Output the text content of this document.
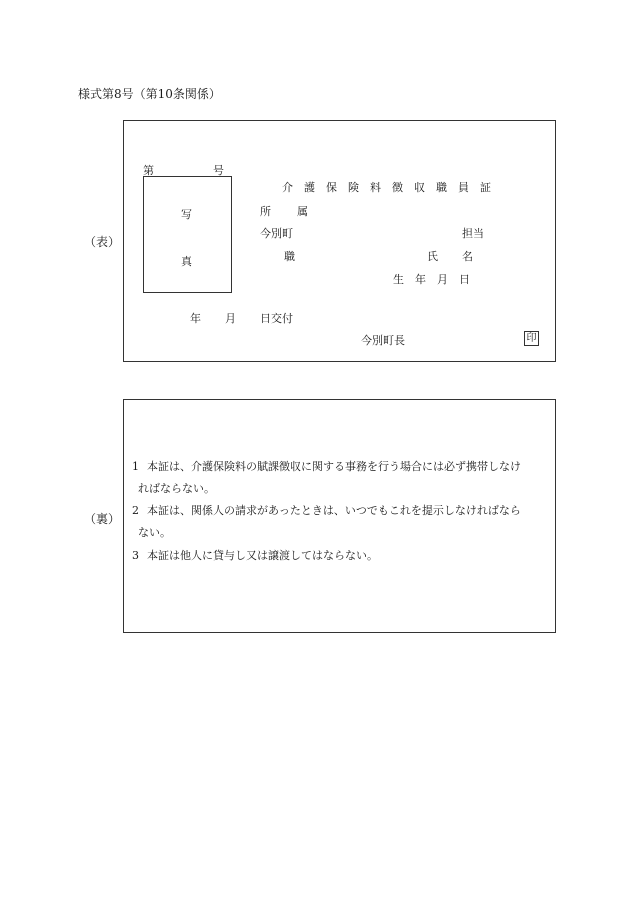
様式第8号（第10条関係）
（表）
第	号
写
真
介護保険料徴収職員証
所 属
今別町	担当
職	氏 名
生　年　月　日
年 月 日交付
今別町長	印
（裏）
1 本証は、介護保険料の賦課徴収に関する事務を行う場合には必ず携帯しなけ
ればならない。
2 本証は、関係人の請求があったときは、いつでもこれを提示しなければなら
ない。
3 本証は他人に貸与し又は譲渡してはならない。
